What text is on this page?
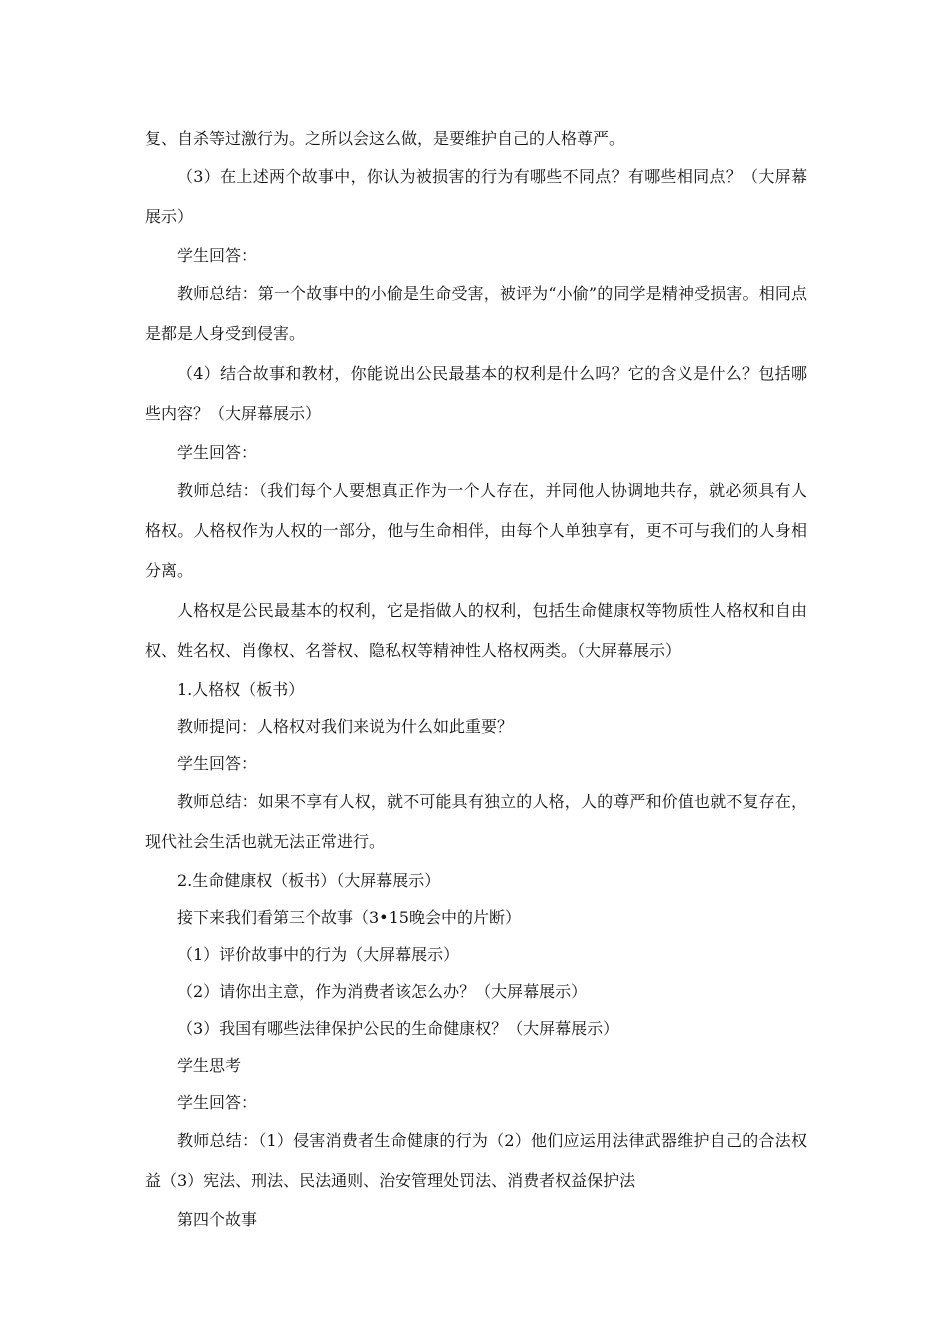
复、自杀等过激行为。之所以会这么做，是要维护自己的人格尊严。

（3）在上述两个故事中，你认为被损害的行为有哪些不同点？有哪些相同点？（大屏幕展示）

学生回答：

教师总结：第一个故事中的小偷是生命受害，被评为“小偷”的同学是精神受损害。相同点是都是人身受到侵害。

（4）结合故事和教材，你能说出公民最基本的权利是什么吗？它的含义是什么？包括哪些内容？（大屏幕展示）

学生回答：

教师总结：（我们每个人要想真正作为一个人存在，并同他人协调地共存，就必须具有人格权。人格权作为人权的一部分，他与生命相伴，由每个人单独享有，更不可与我们的人身相分离。

人格权是公民最基本的权利，它是指做人的权利，包括生命健康权等物质性人格权和自由权、姓名权、肖像权、名誉权、隐私权等精神性人格权两类。（大屏幕展示）

1.人格权（板书）

教师提问：人格权对我们来说为什么如此重要？

学生回答：

教师总结：如果不享有人权，就不可能具有独立的人格，人的尊严和价值也就不复存在，现代社会生活也就无法正常进行。

2.生命健康权（板书）（大屏幕展示）

接下来我们看第三个故事（3•15晚会中的片断）

（1）评价故事中的行为（大屏幕展示）

（2）请你出主意，作为消费者该怎么办？（大屏幕展示）

（3）我国有哪些法律保护公民的生命健康权？（大屏幕展示）

学生思考

学生回答：

教师总结：（1）侵害消费者生命健康的行为（2）他们应运用法律武器维护自己的合法权益（3）宪法、刑法、民法通则、治安管理处罚法、消费者权益保护法

第四个故事
